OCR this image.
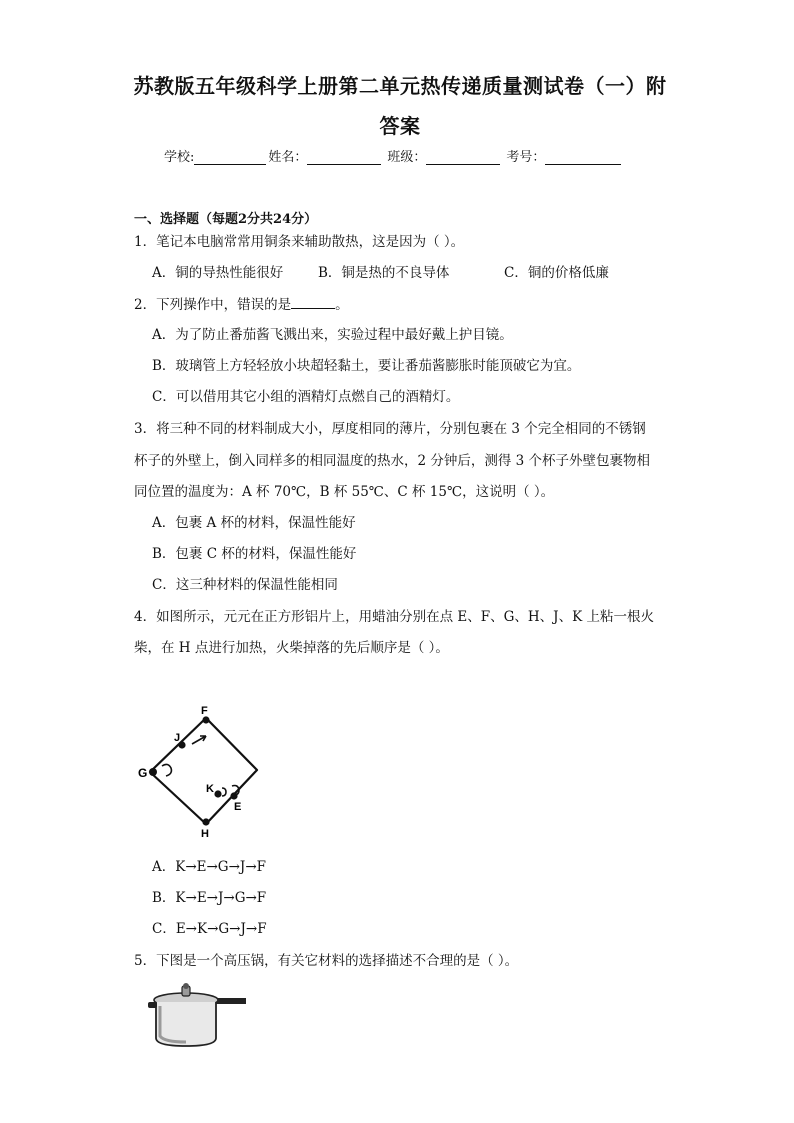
苏教版五年级科学上册第二单元热传递质量测试卷（一）附
答案
学校:	姓名：	班级：	考号：
一、选择题（每题2分共24分）
1．笔记本电脑常常用铜条来辅助散热，这是因为（ ）。
A．铜的导热性能很好	B．铜是热的不良导体	C．铜的价格低廉
2．下列操作中，错误的是	。
A．为了防止番茄酱飞溅出来，实验过程中最好戴上护目镜。
B．玻璃管上方轻轻放小块超轻黏土，要让番茄酱膨胀时能顶破它为宜。
C．可以借用其它小组的酒精灯点燃自己的酒精灯。
3．将三种不同的材料制成大小，厚度相同的薄片，分别包裹在 3 个完全相同的不锈钢
杯子的外壁上，倒入同样多的相同温度的热水，2 分钟后，测得 3 个杯子外壁包裹物相
同位置的温度为：A 杯 70℃，B 杯 55℃、C 杯 15℃，这说明（ ）。
A．包裹 A 杯的材料，保温性能好
B．包裹 C 杯的材料，保温性能好
C．这三种材料的保温性能相同
4．如图所示，元元在正方形铝片上，用蜡油分别在点 E、F、G、H、J、K 上粘一根火
柴，在 H 点进行加热，火柴掉落的先后顺序是（ ）。
F
J
G
K
E
H
A．K→E→G→J→F
B．K→E→J→G→F
C．E→K→G→J→F
5．下图是一个高压锅，有关它材料的选择描述不合理的是（ ）。
